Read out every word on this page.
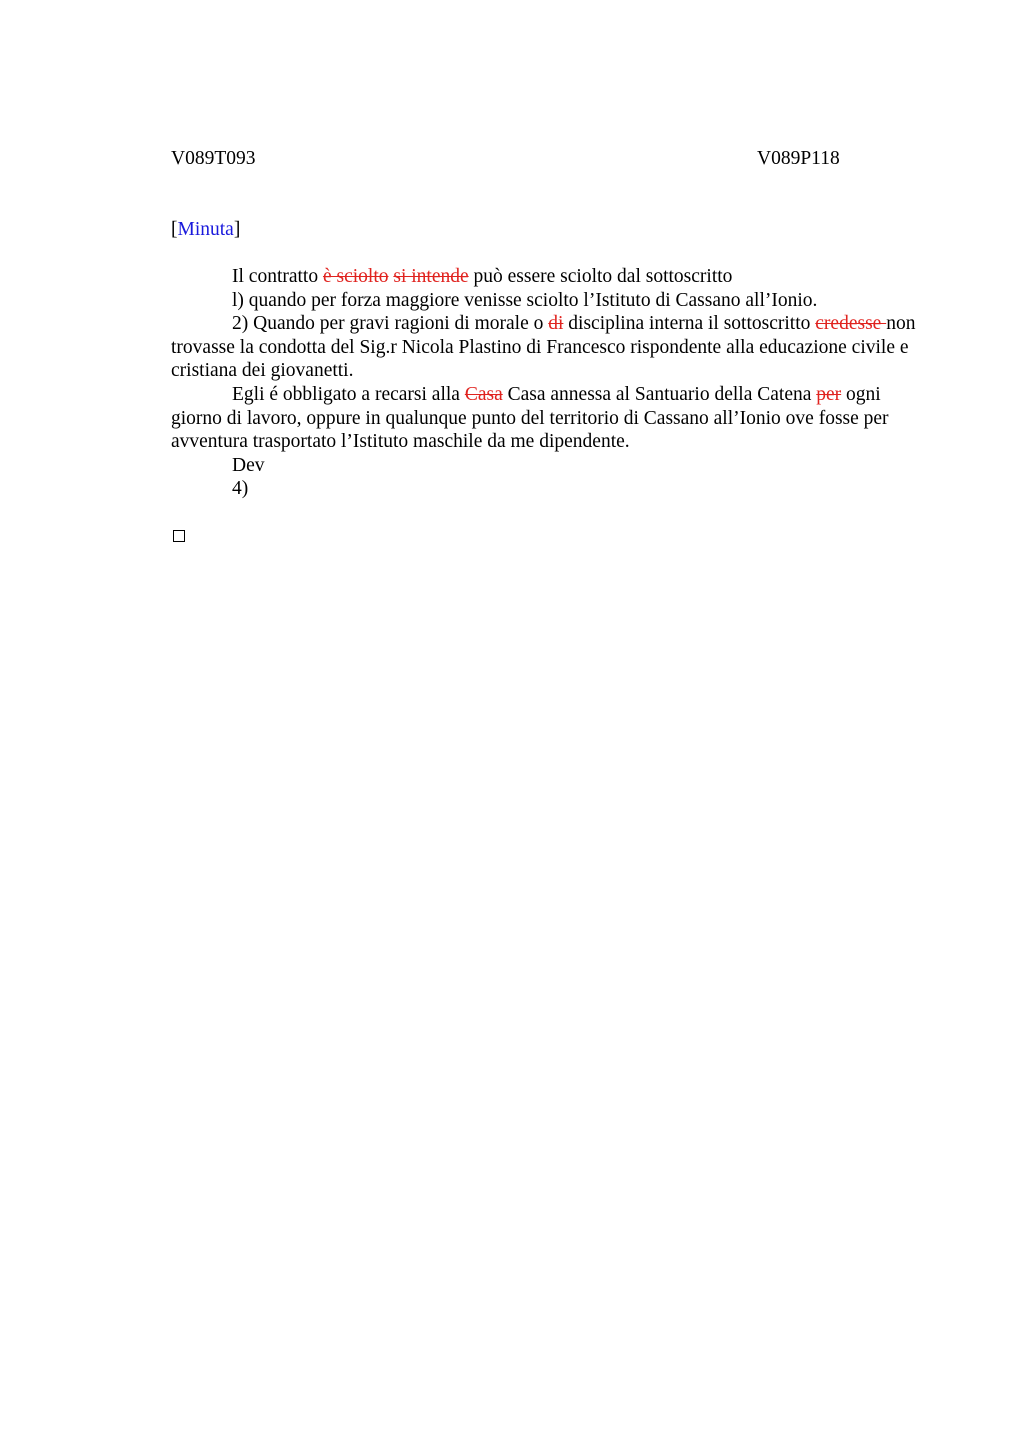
V089T093	V089P118
[Minuta]

Il contratto è sciolto si intende può essere sciolto dal sottoscritto

l) quando per forza maggiore venisse sciolto l’Istituto di Cassano all’Ionio.

2) Quando per gravi ragioni di morale o di disciplina interna il sottoscritto credesse non trovasse la condotta del Sig.r Nicola Plastino di Francesco rispondente alla educazione civile e cristiana dei giovanetti.

Egli é obbligato a recarsi alla Casa Casa annessa al Santuario della Catena per ogni giorno di lavoro, oppure in qualunque punto del territorio di Cassano all’Ionio ove fosse per avventura trasportato l’Istituto maschile da me dipendente.

Dev

4)
